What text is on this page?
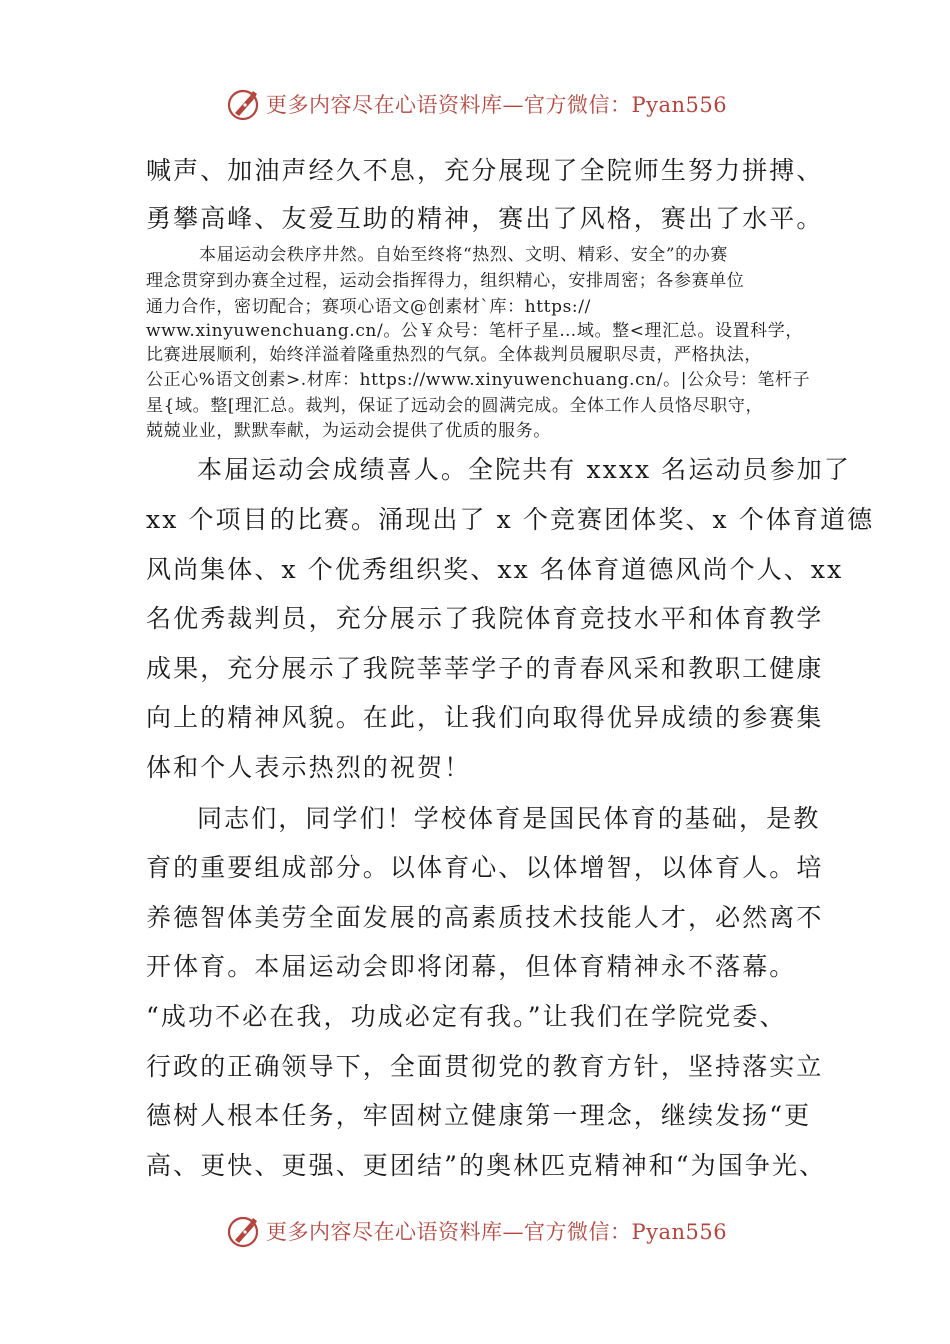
更多内容尽在心语资料库—官方微信：Pyan556
喊声、加油声经久不息，充分展现了全院师生努力拼搏、
勇攀高峰、友爱互助的精神，赛出了风格，赛出了水平。
本届运动会秩序井然。自始至终将“热烈、文明、精彩、安全”的办赛
理念贯穿到办赛全过程，运动会指挥得力，组织精心，安排周密；各参赛单位
通力合作，密切配合；赛项心语文@创素材`库：https://
www.xinyuwenchuang.cn/。公￥众号：笔杆子星…域。整<理汇总。设置科学，
比赛进展顺利，始终洋溢着隆重热烈的气氛。全体裁判员履职尽责，严格执法，
公正心%语文创素>.材库：https://www.xinyuwenchuang.cn/。|公众号：笔杆子
星{域。整[理汇总。裁判，保证了远动会的圆满完成。全体工作人员恪尽职守，
兢兢业业，默默奉献，为运动会提供了优质的服务。
本届运动会成绩喜人。全院共有 xxxx 名运动员参加了
xx 个项目的比赛。涌现出了 x 个竞赛团体奖、x 个体育道德
风尚集体、x 个优秀组织奖、xx 名体育道德风尚个人、xx
名优秀裁判员，充分展示了我院体育竞技水平和体育教学
成果，充分展示了我院莘莘学子的青春风采和教职工健康
向上的精神风貌。在此，让我们向取得优异成绩的参赛集
体和个人表示热烈的祝贺！
同志们，同学们！学校体育是国民体育的基础，是教
育的重要组成部分。以体育心、以体增智，以体育人。培
养德智体美劳全面发展的高素质技术技能人才，必然离不
开体育。本届运动会即将闭幕，但体育精神永不落幕。
“成功不必在我，功成必定有我。”让我们在学院党委、
行政的正确领导下，全面贯彻党的教育方针，坚持落实立
德树人根本任务，牢固树立健康第一理念，继续发扬“更
高、更快、更强、更团结”的奥林匹克精神和“为国争光、
更多内容尽在心语资料库—官方微信：Pyan556
